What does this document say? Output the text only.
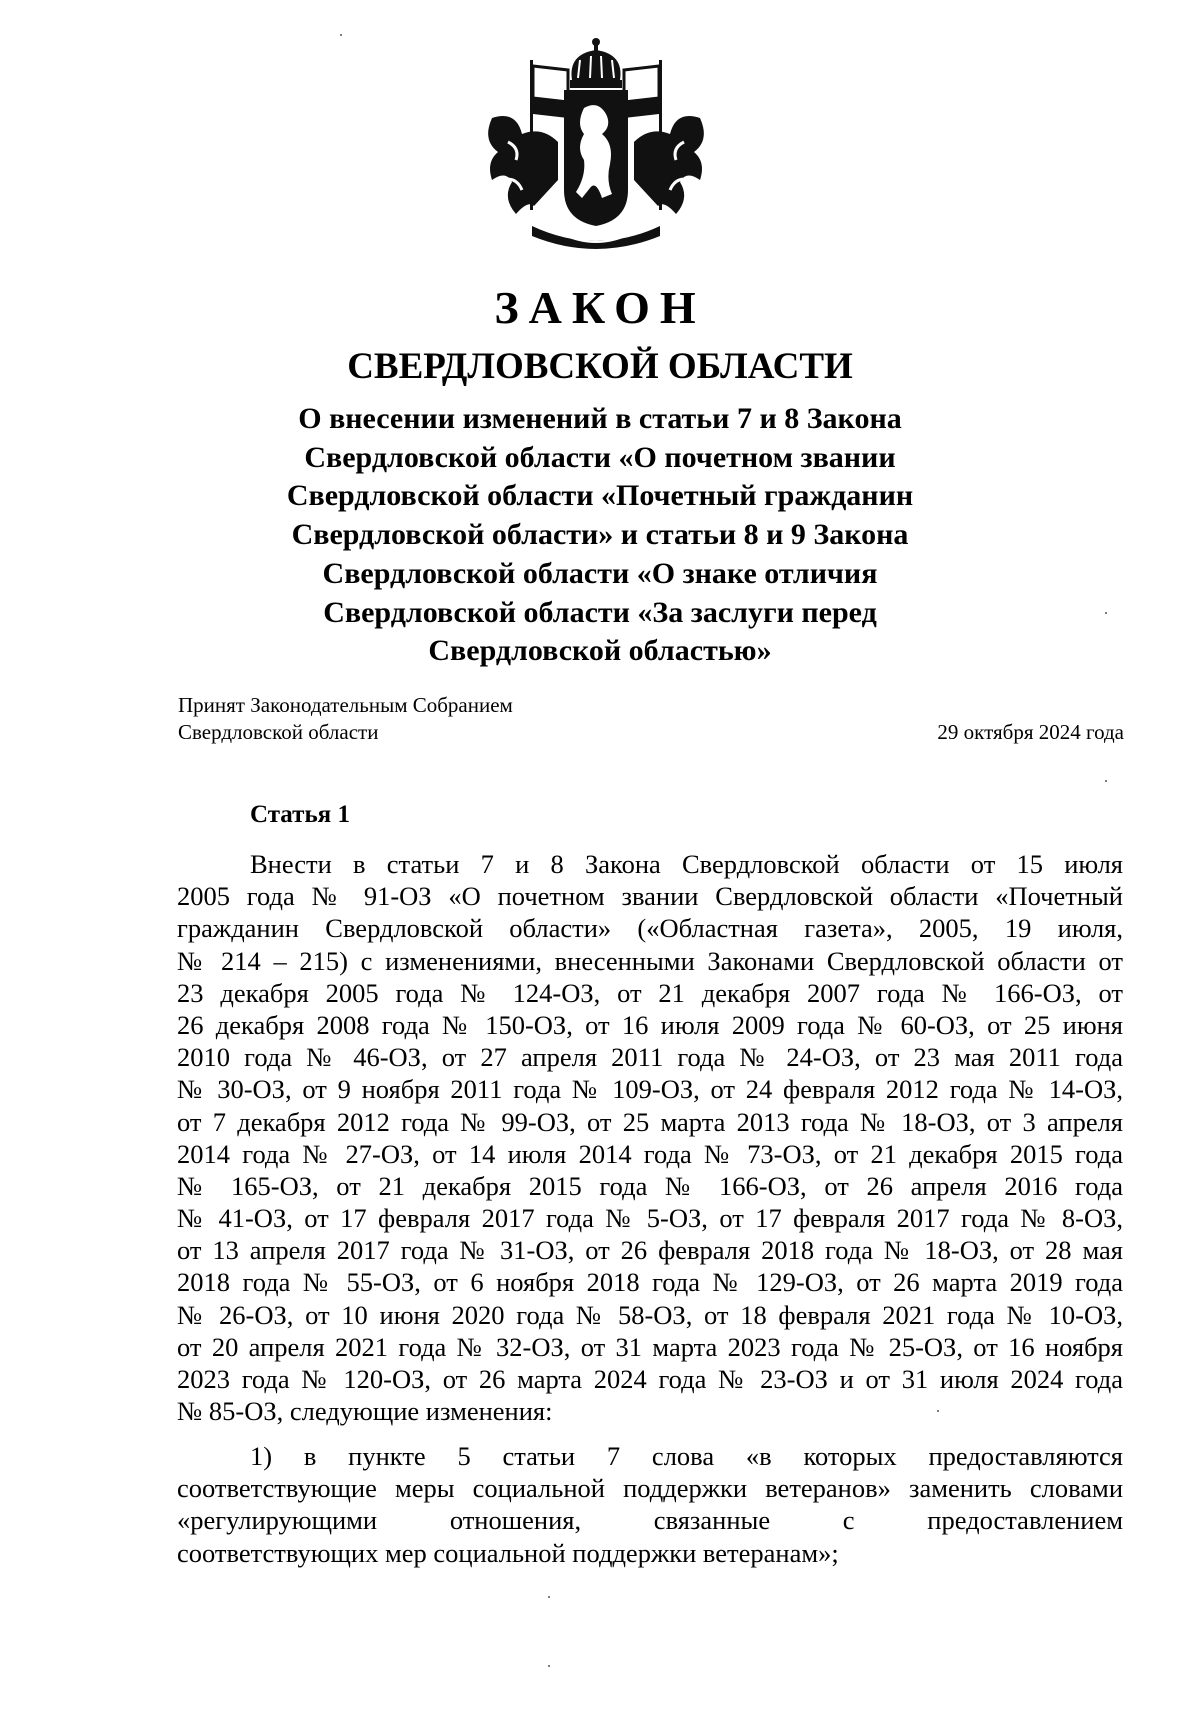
ЗАКОН
СВЕРДЛОВСКОЙ ОБЛАСТИ
О внесении изменений в статьи 7 и 8 Закона
Свердловской области «О почетном звании
Свердловской области «Почетный гражданин
Свердловской области» и статьи 8 и 9 Закона
Свердловской области «О знаке отличия
Свердловской области «За заслуги перед
Свердловской областью»
Принят Законодательным Собранием
Свердловской области	29 октября 2024 года
Статья 1
Внести в статьи 7 и 8 Закона Свердловской области от 15 июля
2005 года № 91-ОЗ «О почетном звании Свердловской области «Почетный
гражданин Свердловской области» («Областная газета», 2005, 19 июля,
№ 214 – 215) с изменениями, внесенными Законами Свердловской области от
23 декабря 2005 года № 124-ОЗ, от 21 декабря 2007 года № 166-ОЗ, от
26 декабря 2008 года № 150-ОЗ, от 16 июля 2009 года № 60-ОЗ, от 25 июня
2010 года № 46-ОЗ, от 27 апреля 2011 года № 24-ОЗ, от 23 мая 2011 года
№ 30-ОЗ, от 9 ноября 2011 года № 109-ОЗ, от 24 февраля 2012 года № 14-ОЗ,
от 7 декабря 2012 года № 99-ОЗ, от 25 марта 2013 года № 18-ОЗ, от 3 апреля
2014 года № 27-ОЗ, от 14 июля 2014 года № 73-ОЗ, от 21 декабря 2015 года
№ 165-ОЗ, от 21 декабря 2015 года № 166-ОЗ, от 26 апреля 2016 года
№ 41-ОЗ, от 17 февраля 2017 года № 5-ОЗ, от 17 февраля 2017 года № 8-ОЗ,
от 13 апреля 2017 года № 31-ОЗ, от 26 февраля 2018 года № 18-ОЗ, от 28 мая
2018 года № 55-ОЗ, от 6 ноября 2018 года № 129-ОЗ, от 26 марта 2019 года
№ 26-ОЗ, от 10 июня 2020 года № 58-ОЗ, от 18 февраля 2021 года № 10-ОЗ,
от 20 апреля 2021 года № 32-ОЗ, от 31 марта 2023 года № 25-ОЗ, от 16 ноября
2023 года № 120-ОЗ, от 26 марта 2024 года № 23-ОЗ и от 31 июля 2024 года
№ 85-ОЗ, следующие изменения:
1) в пункте 5 статьи 7 слова «в которых предоставляются
соответствующие меры социальной поддержки ветеранов» заменить словами
«регулирующими отношения, связанные с предоставлением
соответствующих мер социальной поддержки ветеранам»;
